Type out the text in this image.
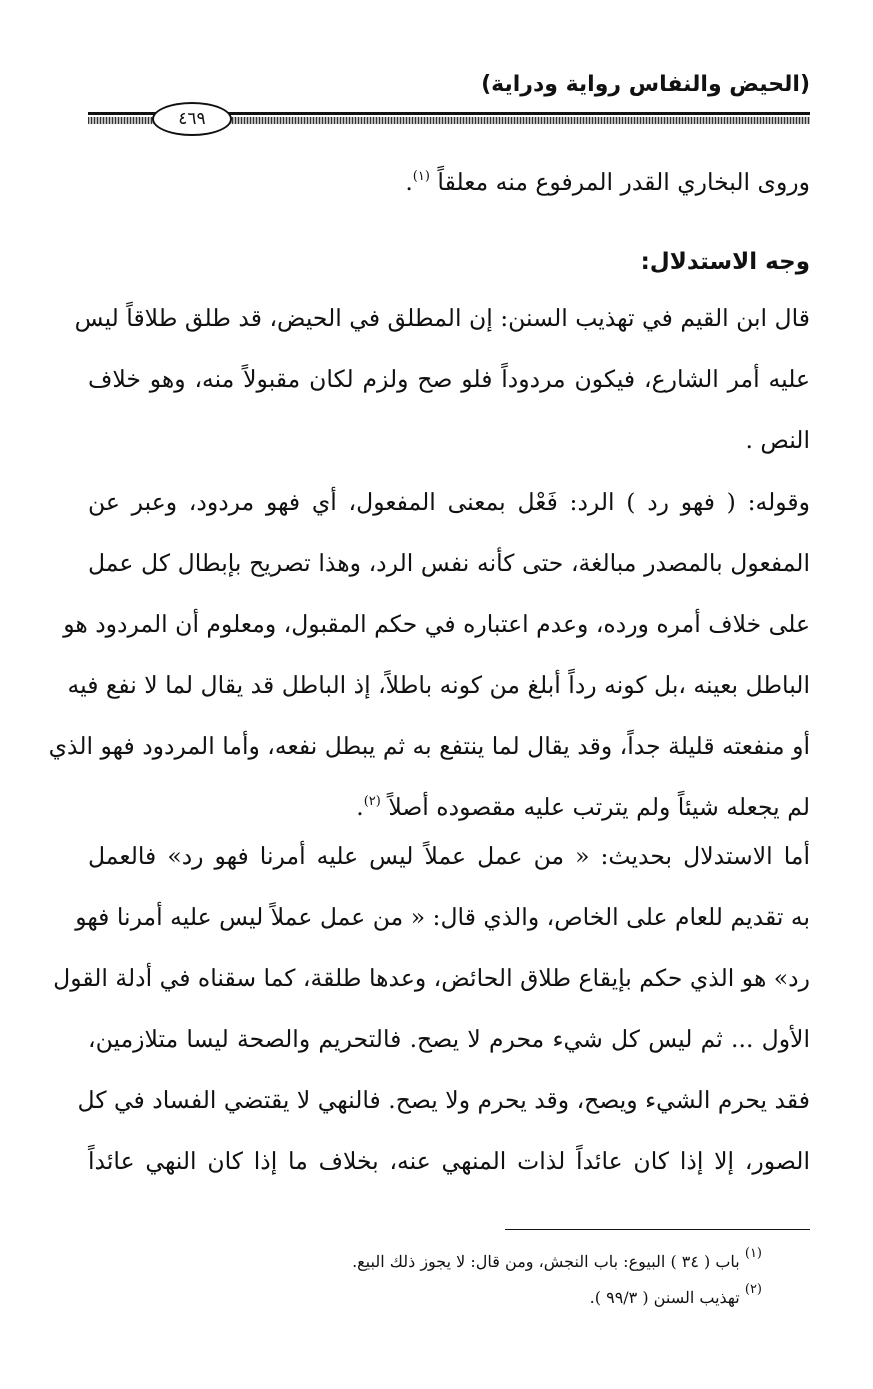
(الحيض والنفاس رواية ودراية)
٤٦٩
وروى البخاري القدر المرفوع منه معلقاً $^{(١)}$.
وجه الاستدلال:
قال ابن القيم في تهذيب السنن: إن المطلق في الحيض، قد طلق طلاقاً ليس
عليه أمر الشارع، فيكون مردوداً فلو صح ولزم لكان مقبولاً منه، وهو خلاف
النص .
وقوله: ( فهو رد ) الرد: فَعْل بمعنى المفعول، أي فهو مردود، وعبر عن
المفعول بالمصدر مبالغة، حتى كأنه نفس الرد، وهذا تصريح بإبطال كل عمل
على خلاف أمره ورده، وعدم اعتباره في حكم المقبول، ومعلوم أن المردود هو
الباطل بعينه ،بل كونه رداً أبلغ من كونه باطلاً، إذ الباطل قد يقال لما لا نفع فيه
أو منفعته قليلة جداً، وقد يقال لما ينتفع به ثم يبطل نفعه، وأما المردود فهو الذي
لم يجعله شيئاً ولم يترتب عليه مقصوده أصلاً $^{(٢)}$.
أما الاستدلال بحديث: « من عمل عملاً ليس عليه أمرنا فهو رد» فالعمل
به تقديم للعام على الخاص، والذي قال: « من عمل عملاً ليس عليه أمرنا فهو
رد» هو الذي حكم بإيقاع طلاق الحائض، وعدها طلقة، كما سقناه في أدلة القول
الأول ... ثم ليس كل شيء محرم لا يصح. فالتحريم والصحة ليسا متلازمين،
فقد يحرم الشيء ويصح، وقد يحرم ولا يصح. فالنهي لا يقتضي الفساد في كل
الصور، إلا إذا كان عائداً لذات المنهي عنه، بخلاف ما إذا كان النهي عائداً
$^{(١)}$ باب ( ٣٤ ) البيوع: باب النجش، ومن قال: لا يجوز ذلك البيع.
$^{(٢)}$ تهذيب السنن ( ٩٩/٣ ).
